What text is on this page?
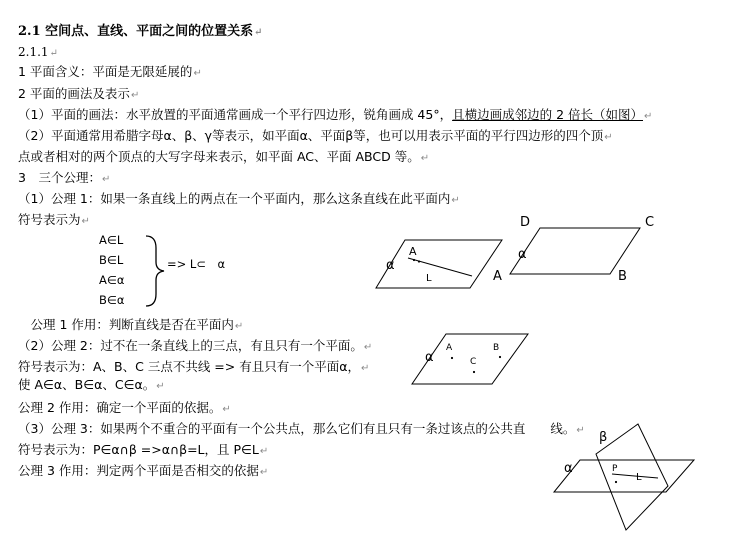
2.1 空间点、直线、平面之间的位置关系↵
2.1.1↵
1 平面含义：平面是无限延展的↵
2 平面的画法及表示↵
（1）平面的画法：水平放置的平面通常画成一个平行四边形，锐角画成 45°，且横边画成邻边的 2 倍长（如图）↵
（2）平面通常用希腊字母α、β、γ等表示，如平面α、平面β等，也可以用表示平面的平行四边形的四个顶↵
点或者相对的两个顶点的大写字母来表示，如平面 AC、平面 ABCD 等。↵
3　三个公理：↵
（1）公理 1：如果一条直线上的两点在一个平面内，那么这条直线在此平面内↵
符号表示为↵
A∈L
B∈L
A∈α
B∈α
=> L⊂　α	α
A
L
D	C
α
A	B
　公理 1 作用：判断直线是否在平面内↵
（2）公理 2：过不在一条直线上的三点，有且只有一个平面。↵
符号表示为：A、B、C 三点不共线 => 有且只有一个平面α，↵
使 A∈α、B∈α、C∈α。↵
公理 2 作用：确定一个平面的依据。↵
（3）公理 3：如果两个不重合的平面有一个公共点，那么它们有且只有一条过该点的公共直　　线。↵
符号表示为：P∈α∩β =>α∩β=L，且 P∈L↵
公理 3 作用：判定两个平面是否相交的依据↵
α
A	B
C
β
α	P
L
